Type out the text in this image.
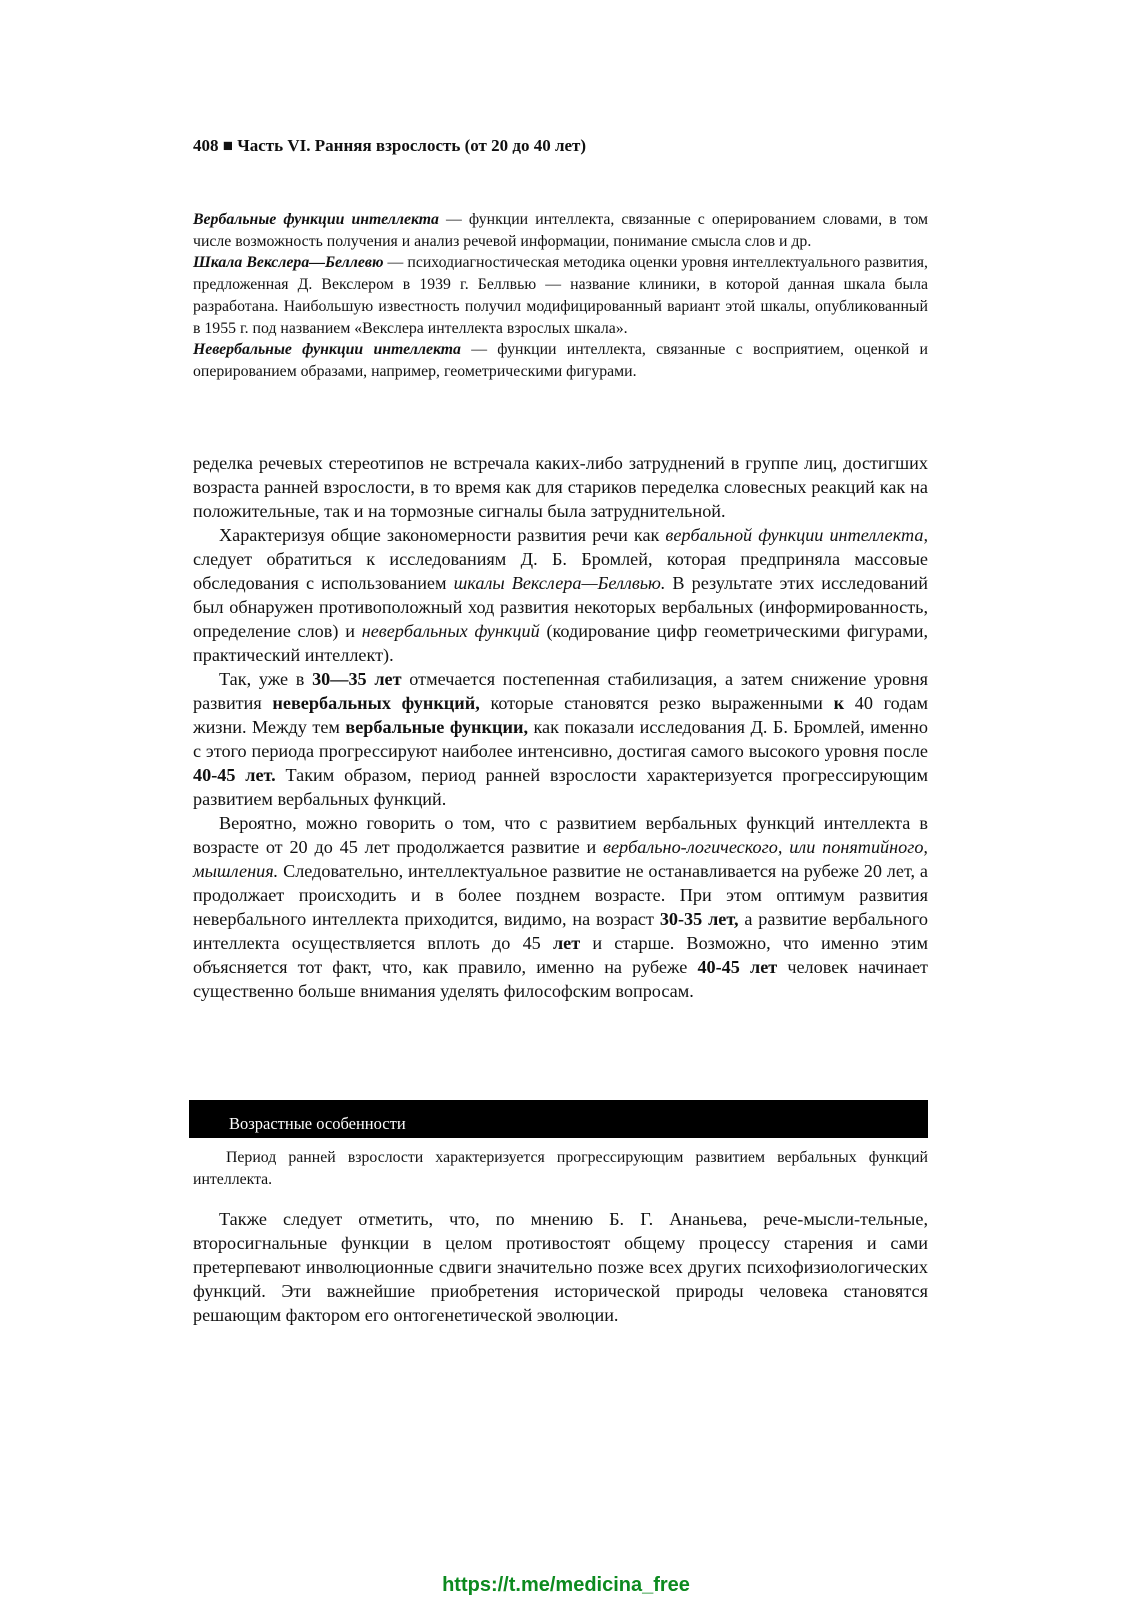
408 ■ Часть VI. Ранняя взрослость (от 20 до 40 лет)

Вербальные функции интеллекта — функции интеллекта, связанные с оперированием словами, в том числе возможность получения и анализ речевой информации, понимание смысла слов и др.

Шкала Векслера—Беллевю — психодиагностическая методика оценки уровня интеллектуального развития, предложенная Д. Векслером в 1939 г. Беллвью — название клиники, в которой данная шкала была разработана. Наибольшую известность получил модифицированный вариант этой шкалы, опубликованный в 1955 г. под названием «Векслера интеллекта взрослых шкала».

Невербальные функции интеллекта — функции интеллекта, связанные с восприятием, оценкой и оперированием образами, например, геометрическими фигурами.

ределка речевых стереотипов не встречала каких-либо затруднений в группе лиц, достигших возраста ранней взрослости, в то время как для стариков переделка словесных реакций как на положительные, так и на тормозные сигналы была затруднительной.

Характеризуя общие закономерности развития речи как вербальной функции интеллекта, следует обратиться к исследованиям Д. Б. Бромлей, которая предприняла массовые обследования с использованием шкалы Векслера—Беллвью. В результате этих исследований был обнаружен противоположный ход развития некоторых вербальных (информированность, определение слов) и невербальных функций (кодирование цифр геометрическими фигурами, практический интеллект).

Так, уже в 30—35 лет отмечается постепенная стабилизация, а затем снижение уровня развития невербальных функций, которые становятся резко выраженными к 40 годам жизни. Между тем вербальные функции, как показали исследования Д. Б. Бромлей, именно с этого периода прогрессируют наиболее интенсивно, достигая самого высокого уровня после 40-45 лет. Таким образом, период ранней взрослости характеризуется прогрессирующим развитием вербальных функций.

Вероятно, можно говорить о том, что с развитием вербальных функций интеллекта в возрасте от 20 до 45 лет продолжается развитие и вербально-логического, или понятийного, мышления. Следовательно, интеллектуальное развитие не останавливается на рубеже 20 лет, а продолжает происходить и в более позднем возрасте. При этом оптимум развития невербального интеллекта приходится, видимо, на возраст 30-35 лет, а развитие вербального интеллекта осуществляется вплоть до 45 лет и старше. Возможно, что именно этим объясняется тот факт, что, как правило, именно на рубеже 40-45 лет человек начинает существенно больше внимания уделять философским вопросам.

Возрастные особенности

Период ранней взрослости характеризуется прогрессирующим развитием вербальных функций интеллекта.

Также следует отметить, что, по мнению Б. Г. Ананьева, рече-мысли-тельные, второсигнальные функции в целом противостоят общему процессу старения и сами претерпевают инволюционные сдвиги значительно позже всех других психофизиологических функций. Эти важнейшие приобретения исторической природы человека становятся решающим фактором его онтогенетической эволюции.

https://t.me/medicina_free
